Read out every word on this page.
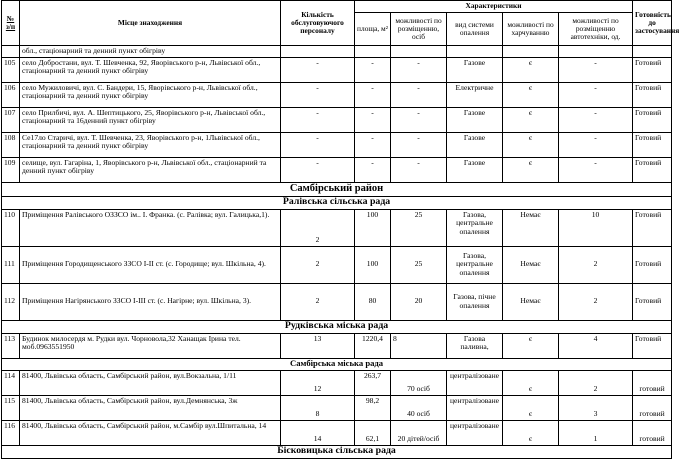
№ з/п	Місце знаходження	Кількість обслуговуючого персоналу	Характеристики					Готовність до застосування
			площа, м²	можливості по розміщенню, осіб	вид системи опалення	можливості по харчуванню	можливості по розміщенню автотехніки, од.	
	обл., стаціонарний та денний пункт обігріву							
105	село Добростани, вул. Т. Шевченка, 92, Яворівського р-н, Львівської обл., стаціонарний та денний пункт обігріву	-	-	-	Газове	є	-	Готовий
106	село Мужиловичі, вул. С. Бандери, 15, Яворівського р-н, Львівської обл., стаціонарний та денний пункт обігріву	-	-	-	Електричне	є	-	Готовий
107	село Прилбичі, вул. А. Шептицького, 25, Яворівського р-н, Львівської обл., стаціонарний та 16денний пункт обігріву	-	-	-	Газове	є	-	Готовий
108	Се17ло Старичі, вул. Т. Шевченка, 23, Яворівського р-н, 1Львівської обл., стаціонарний та денний пункт обігріву	-	-	-	Газове	є	-	Готовий
109	селище, вул. Гагаріна, 1, Яворівського р-н, Львівської обл., стаціонарний та денний пункт обігріву	-	-	-	Газове	є	-	Готовий
Самбірський район								
Ралівська сільська рада								
110	Приміщення Ралівського ОЗЗСО ім.. І. Франка. (с. Ралівка; вул. Галицька,1).	2	100	25	Газова, центральне опалення	Немає	10	Готовий
111	Приміщення Городищенського ЗЗСО І-ІІ ст. (с. Городище; вул. Шкільна, 4).	2	100	25	Газова, центральне опалення	Немає	2	Готовий
112	Приміщення Нагірянського ЗЗСО І-ІІІ ст. (с. Нагірне; вул. Шкільна, 3).	2	80	20	Газова, пічне опалення	Немає	2	Готовий
Рудківська міська рада								
113	Будинок милосердя м. Рудки вул. Чорновола,32 Ханащак Ірина тел. моб.0963551950	13	1220,4	8	Газова паливна,	є	4	Готовий
Самбірська міська рада								
114	81400, Львівська область, Самбірський район, вул.Вокзальна, 1/11	12	263,7	70 осіб	централізоване	є	2	готовий
115	81400, Львівська область, Самбірський район, вул.Демнянська, 3ж	8	98,2	40 осіб	централізоване	є	3	готовий
116	81400, Львівська область, Самбірський район, м.Самбір вул.Шпитальна, 14	14	62,1	20 дітей/осіб	централізоване	є	1	готовий
Бісковицька сільська рада								
